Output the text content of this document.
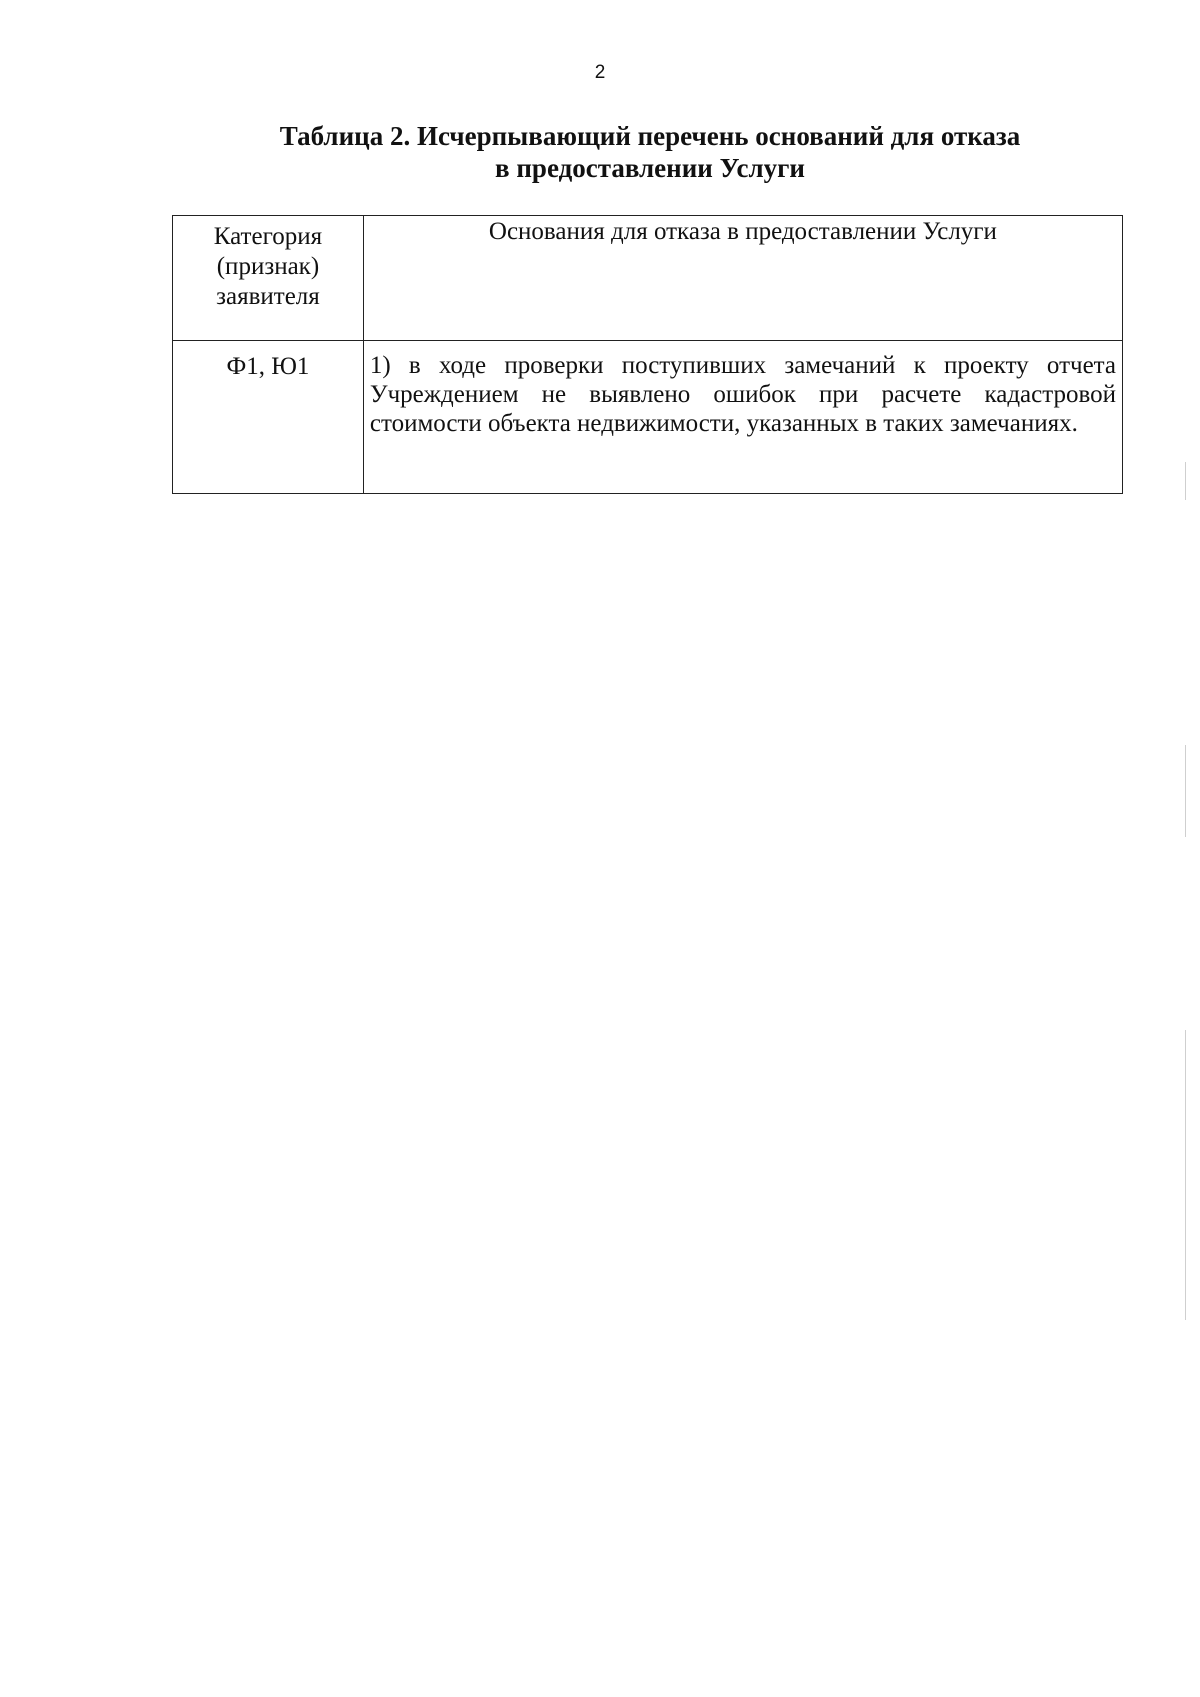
2
Таблица 2. Исчерпывающий перечень оснований для отказа
в предоставлении Услуги
Категория
(признак)
заявителя	Основания для отказа в предоставлении Услуги
Ф1, Ю1	1) в ходе проверки поступивших замечаний к проекту отчета Учреждением не выявлено ошибок при расчете кадастровой стоимости объекта недвижимости, указанных в таких замечаниях.
